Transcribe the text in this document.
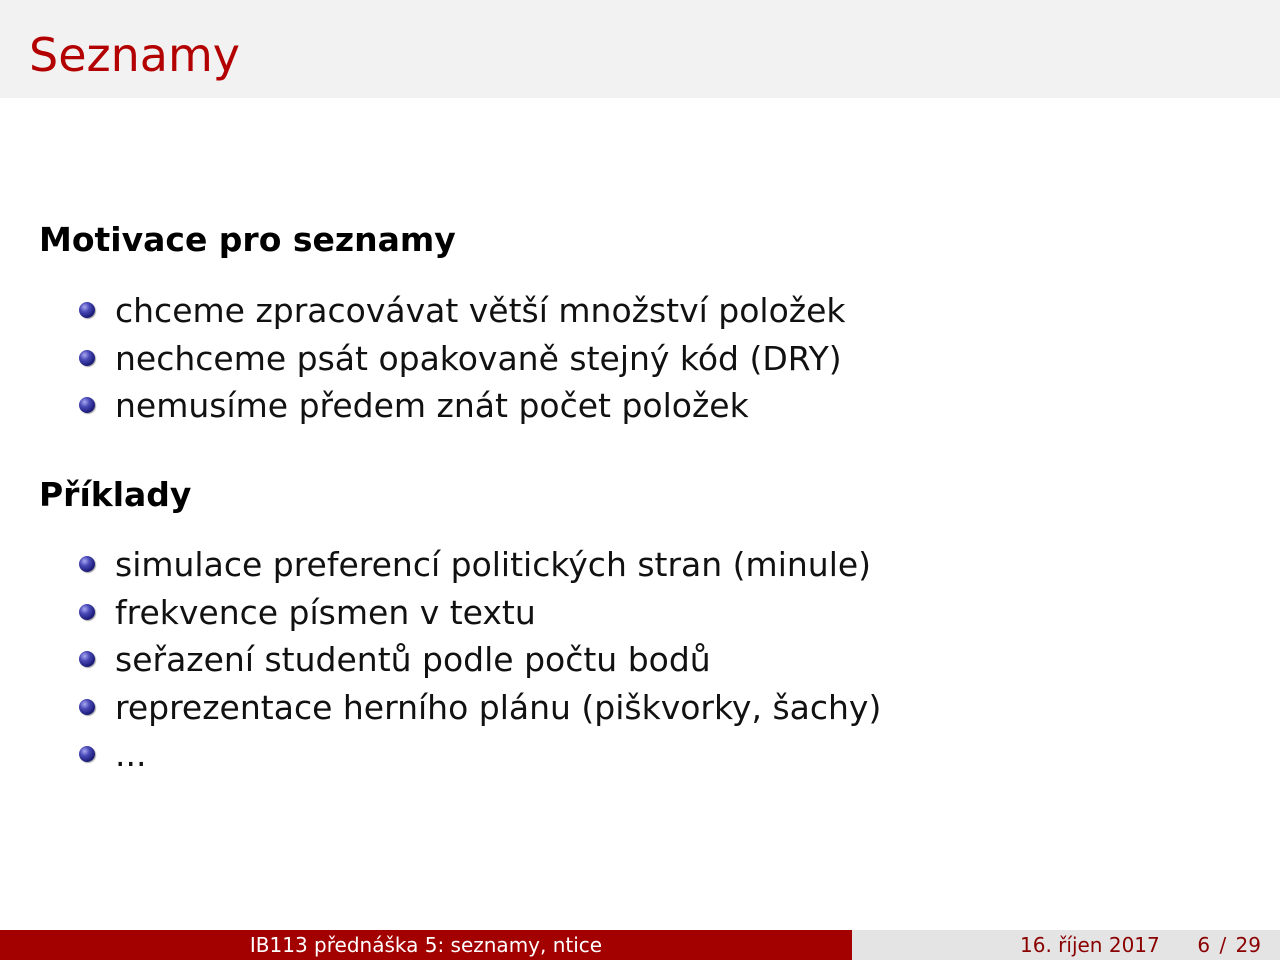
Seznamy
Motivace pro seznamy
chceme zpracovávat větší množství položek
nechceme psát opakovaně stejný kód (DRY)
nemusíme předem znát počet položek
Příklady
simulace preferencí politických stran (minule)
frekvence písmen v textu
seřazení studentů podle počtu bodů
reprezentace herního plánu (piškvorky, šachy)
...
IB113 přednáška 5: seznamy, ntice	16. říjen 2017 6 / 29
